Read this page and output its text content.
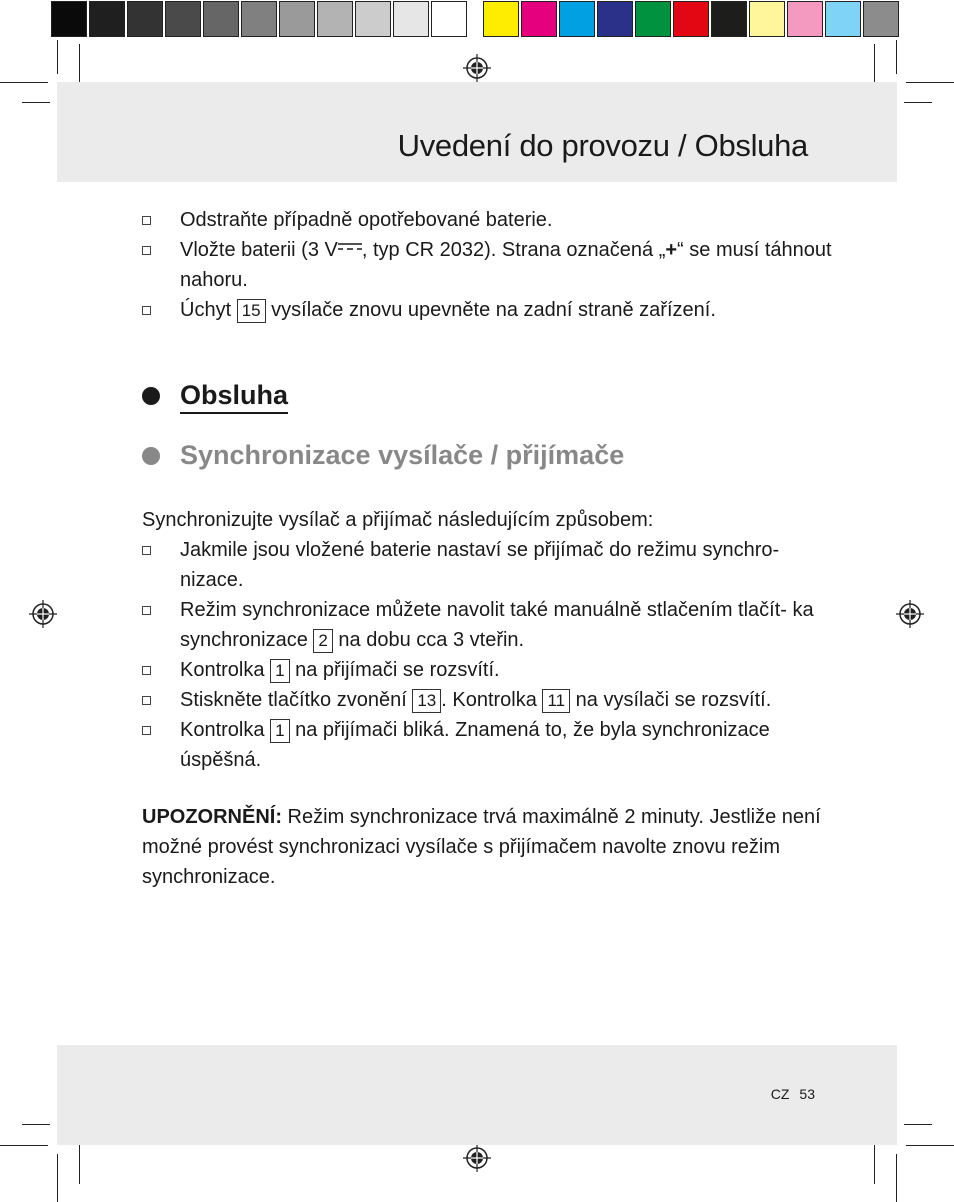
Uvedení do provozu / Obsluha
Odstraňte případně opotřebované baterie.
Vložte baterii (3 V , typ CR 2032). Strana označená „+“ se musí táhnout nahoru.
Úchyt 15 vysílače znovu upevněte na zadní straně zařízení.
Obsluha
Synchronizace vysílače / přijímače
Synchronizujte vysílač a přijímač následujícím způsobem:
Jakmile jsou vložené baterie nastaví se přijímač do režimu synchro- nizace.
Režim synchronizace můžete navolit také manuálně stlačením tlačít- ka synchronizace 2 na dobu cca 3 vteřin.
Kontrolka 1 na přijímači se rozsvítí.
Stiskněte tlačítko zvonění 13 . Kontrolka 11 na vysílači se rozsvítí.
Kontrolka 1 na přijímači bliká. Znamená to, že byla synchronizace úspěšná.
UPOZORNĚNÍ: Režim synchronizace trvá maximálně 2 minuty. Jestliže není možné provést synchronizaci vysílače s přijímačem navolte znovu režim synchronizace.
CZ 53
